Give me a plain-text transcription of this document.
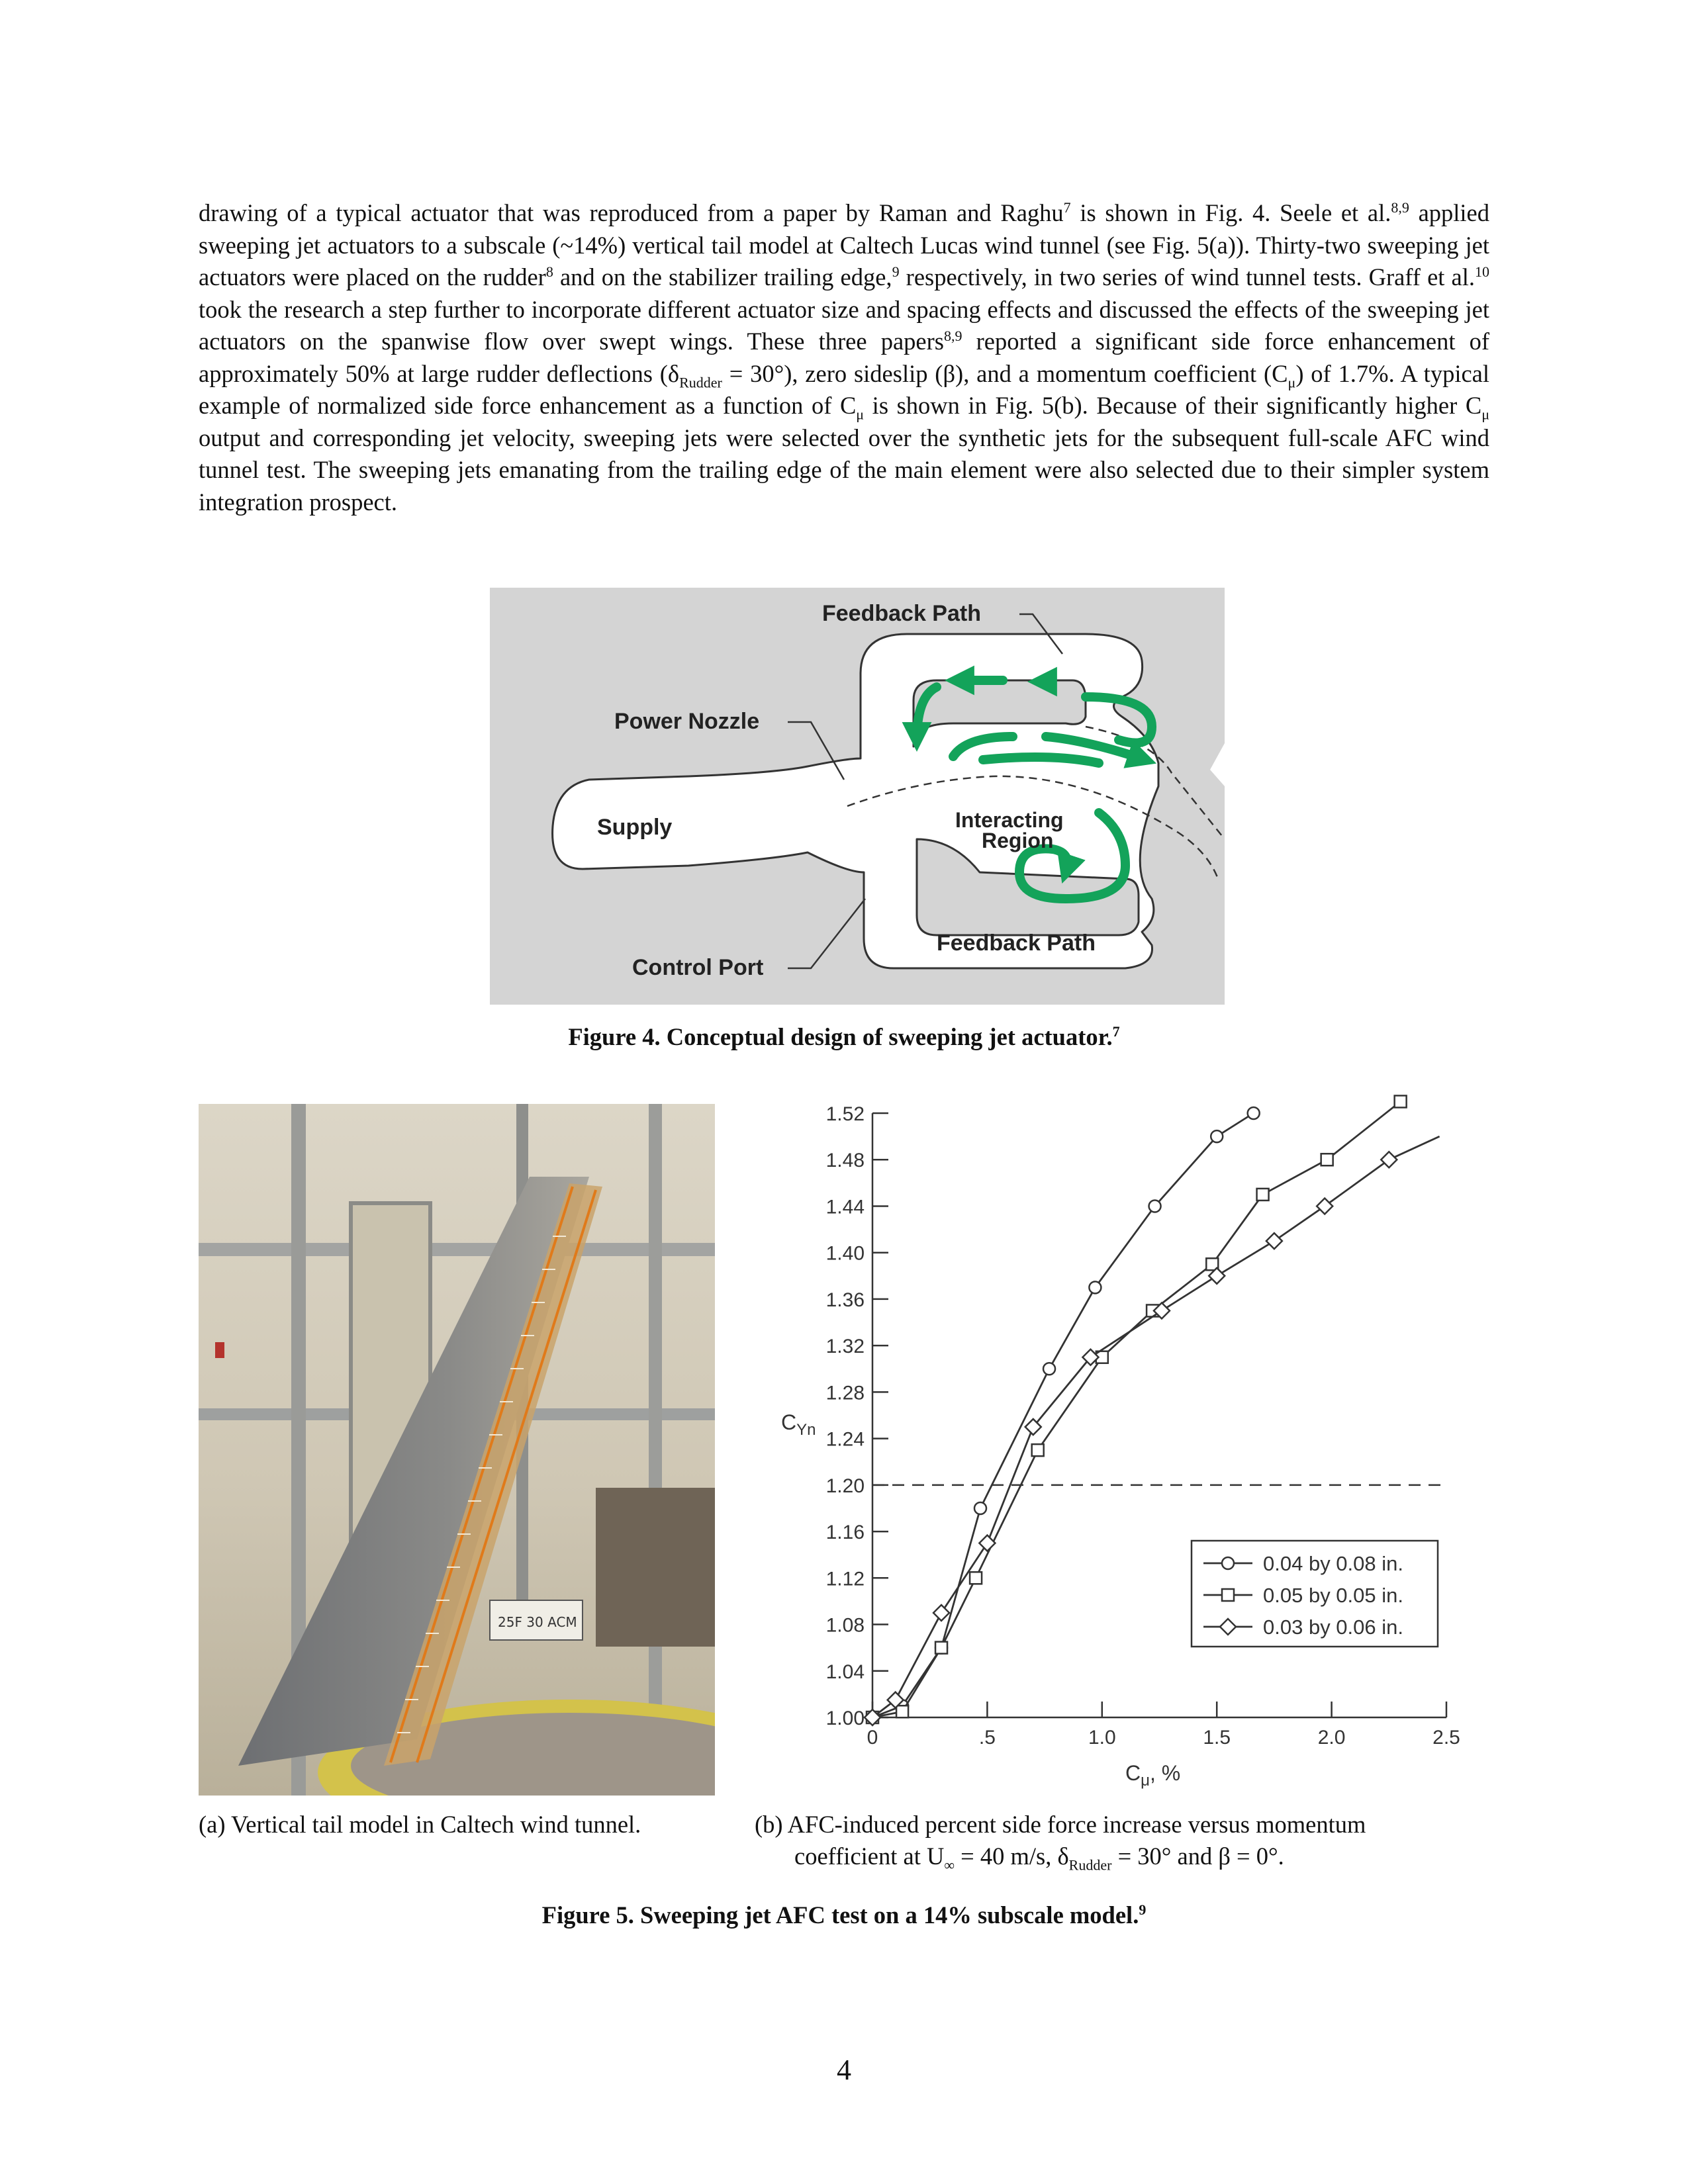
drawing of a typical actuator that was reproduced from a paper by Raman and Raghu$^7$ is shown in Fig. 4. Seele et al.$^{8,9}$ applied sweeping jet actuators to a subscale (~14%) vertical tail model at Caltech Lucas wind tunnel (see Fig. 5(a)). Thirty-two sweeping jet actuators were placed on the rudder$^8$ and on the stabilizer trailing edge,$^9$ respectively, in two series of wind tunnel tests. Graff et al.$^{10}$ took the research a step further to incorporate different actuator size and spacing effects and discussed the effects of the sweeping jet actuators on the spanwise flow over swept wings. These three papers$^{8,9}$ reported a significant side force enhancement of approximately 50% at large rudder deflections $(\delta_{Rudder} = 30^\circ)$, zero sideslip (β), and a momentum coefficient $(C_\mu)$ of 1.7%. A typical example of normalized side force enhancement as a function of $C_\mu$ is shown in Fig. 5(b). Because of their significantly higher $C_\mu$ output and corresponding jet velocity, sweeping jets were selected over the synthetic jets for the subsequent full-scale AFC wind tunnel test. The sweeping jets emanating from the trailing edge of the main element were also selected due to their simpler system integration prospect.
Feedback Path
Power Nozzle
Supply	Interacting
Region
Control Port
Feedback Path
Figure 4. Conceptual design of sweeping jet actuator.$^7$
25F 30 ACM
1.00
1.04
1.08
1.12
1.16
1.20
1.24
1.28
1.32
1.36
1.40
1.44
1.48
1.52
0	.5	1.0	1.5	2.0	2.5
$C_{Yn}$
$C_\mu$, %
0.04 by 0.08 in.
0.05 by 0.05 in.
0.03 by 0.06 in.
(a) Vertical tail model in Caltech wind tunnel.	(b) AFC-induced percent side force increase versus momentum
coefficient at $U_\infty = 40$ m/s, $\delta_{Rudder} = 30^\circ$ and β = 0°.
Figure 5. Sweeping jet AFC test on a 14% subscale model.$^9$
4
